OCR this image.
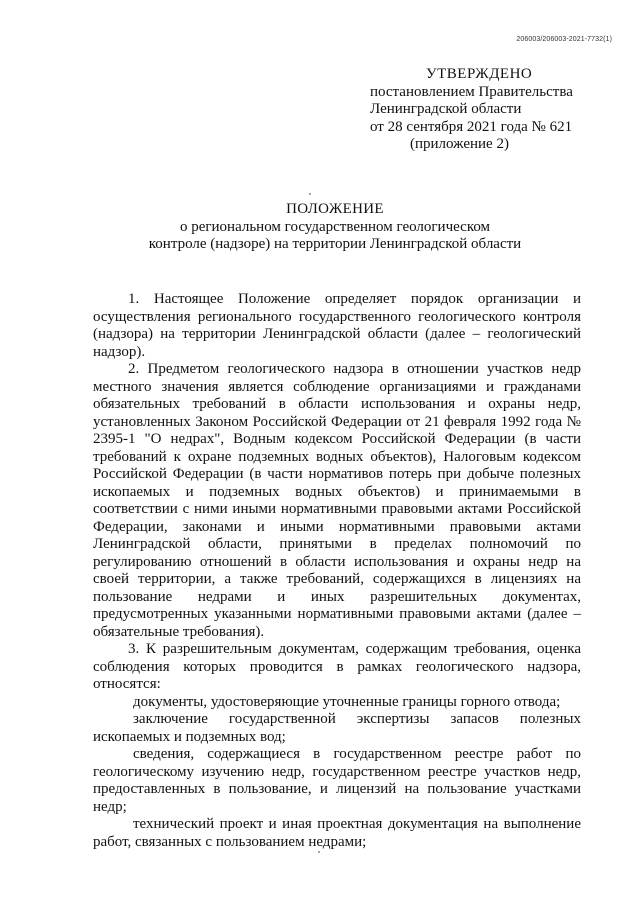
206003/206003-2021-7732(1)
УТВЕРЖДЕНО
постановлением Правительства
Ленинградской области
от 28 сентября 2021 года № 621
(приложение 2)
ПОЛОЖЕНИЕ
о региональном государственном геологическом
контроле (надзоре) на территории Ленинградской области

1. Настоящее Положение определяет порядок организации и осуществления регионального государственного геологического контроля (надзора) на территории Ленинградской области (далее – геологический надзор).

2. Предметом геологического надзора в отношении участков недр местного значения является соблюдение организациями и гражданами обязательных требований в области использования и охраны недр, установленных Законом Российской Федерации от 21 февраля 1992 года № 2395-1 "О недрах", Водным кодексом Российской Федерации (в части требований к охране подземных водных объектов), Налоговым кодексом Российской Федерации (в части нормативов потерь при добыче полезных ископаемых и подземных водных объектов) и принимаемыми в соответствии с ними иными нормативными правовыми актами Российской Федерации, законами и иными нормативными правовыми актами Ленинградской области, принятыми в пределах полномочий по регулированию отношений в области использования и охраны недр на своей территории, а также требований, содержащихся в лицензиях на пользование недрами и иных разрешительных документах, предусмотренных указанными нормативными правовыми актами (далее – обязательные требования).

3. К разрешительным документам, содержащим требования, оценка соблюдения которых проводится в рамках геологического надзора, относятся:

документы, удостоверяющие уточненные границы горного отвода;

заключение государственной экспертизы запасов полезных ископаемых и подземных вод;

сведения, содержащиеся в государственном реестре работ по геологическому изучению недр, государственном реестре участков недр, предоставленных в пользование, и лицензий на пользование участками недр;

технический проект и иная проектная документация на выполнение работ, связанных с пользованием недрами;
